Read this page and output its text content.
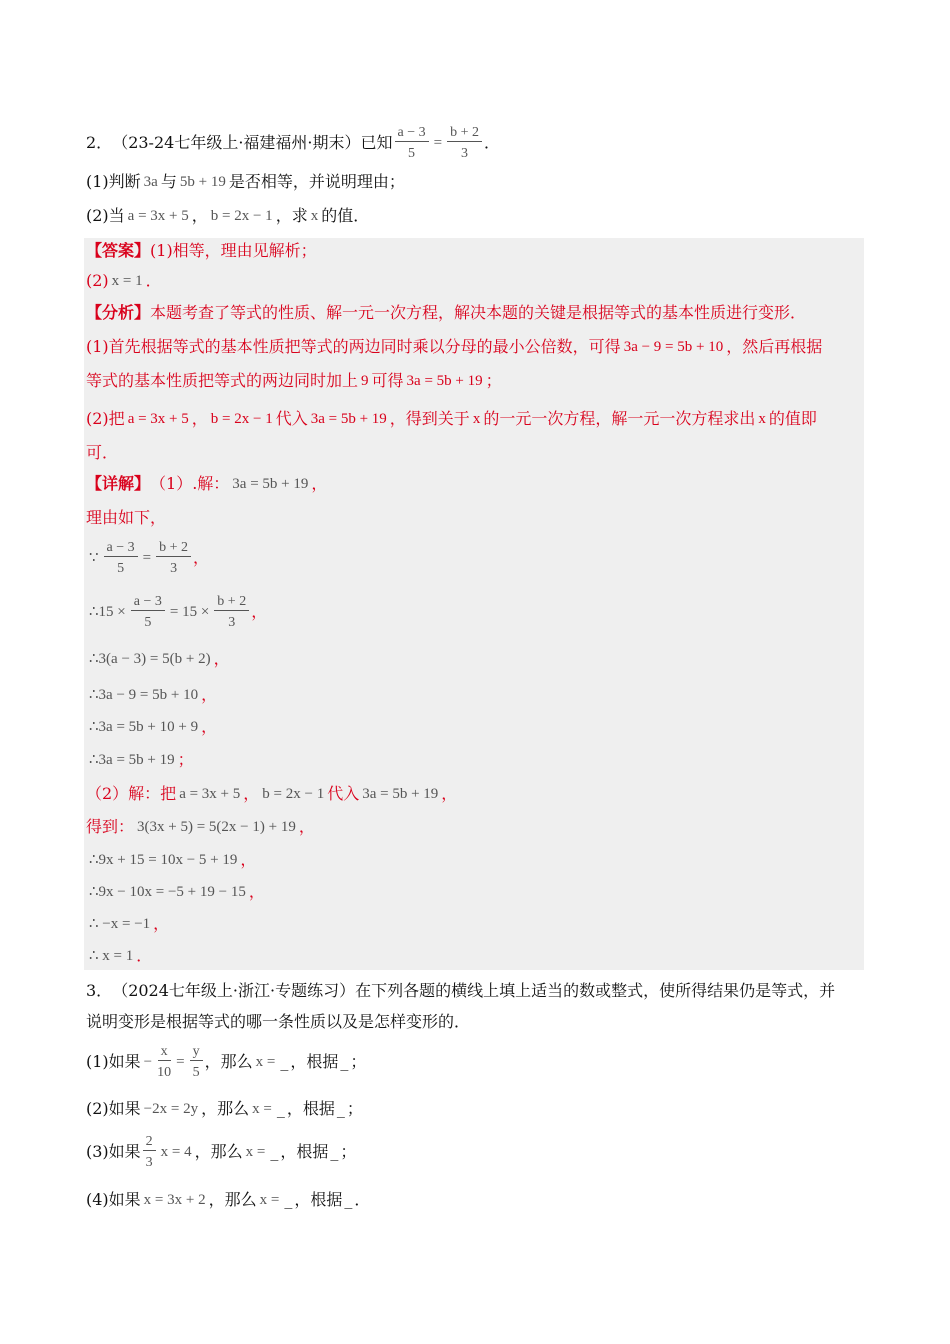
2． （23-24七年级上·福建福州·期末）已知 $\frac{a - 3}{5} = \frac{b + 2}{3}$ ．
(1)判断 3a 与 5b + 19 是否相等，并说明理由；
(2)当 a = 3x + 5 ， b = 2x − 1 ，求 x 的值．
【答案】 (1)相等，理由见解析；
(2) x = 1 ．
【分析】 本题考查了等式的性质、解一元一次方程，解决本题的关键是根据等式的基本性质进行变形．
(1) 首先根据等式的基本性质把等式的两边同时乘以分母的最小公倍数，可得 3a − 9 = 5b + 10 ，然后再根据
等式的基本性质把等式的两边同时加上 9 可得 3a = 5b + 19 ；
(2) 把 a = 3x + 5 ， b = 2x − 1 代入 3a = 5b + 19 ，得到关于 x 的一元一次方程，解一元一次方程求出 x 的值即
可．
【详解】 （1）.解： 3a = 5b + 19 ，
理由如下，
∵ $\frac{a - 3}{5} = \frac{b + 2}{3}$ ，
∴15 × $\frac{a - 3}{5} = 15 \times \frac{b + 2}{3}$ ，
∴3(a − 3) = 5(b + 2) ，
∴3a − 9 = 5b + 10 ，
∴3a = 5b + 10 + 9 ，
∴3a = 5b + 19 ；
（2）解：把 a = 3x + 5 ， b = 2x − 1 代入 3a = 5b + 19 ，
得到： 3(3x + 5) = 5(2x − 1) + 19 ，
∴9x + 15 = 10x − 5 + 19 ，
∴9x − 10x = −5 + 19 − 15 ，
∴ −x = −1 ，
∴ x = 1 ．
3． （2024七年级上·浙江·专题练习）在下列各题的横线上填上适当的数或整式，使所得结果仍是等式，并
说明变形是根据等式的哪一条性质以及是怎样变形的．
(1)如果 − $\frac{x}{10} = \frac{y}{5}$ ，那么 x = _ ，根据 _ ；
(2)如果 −2x = 2y ，那么 x = _ ，根据 _ ；
(3)如果 $\frac{2}{3}$ x = 4 ，那么 x = _ ，根据 _ ；
(4)如果 x = 3x + 2 ，那么 x = _ ，根据 _ ．
